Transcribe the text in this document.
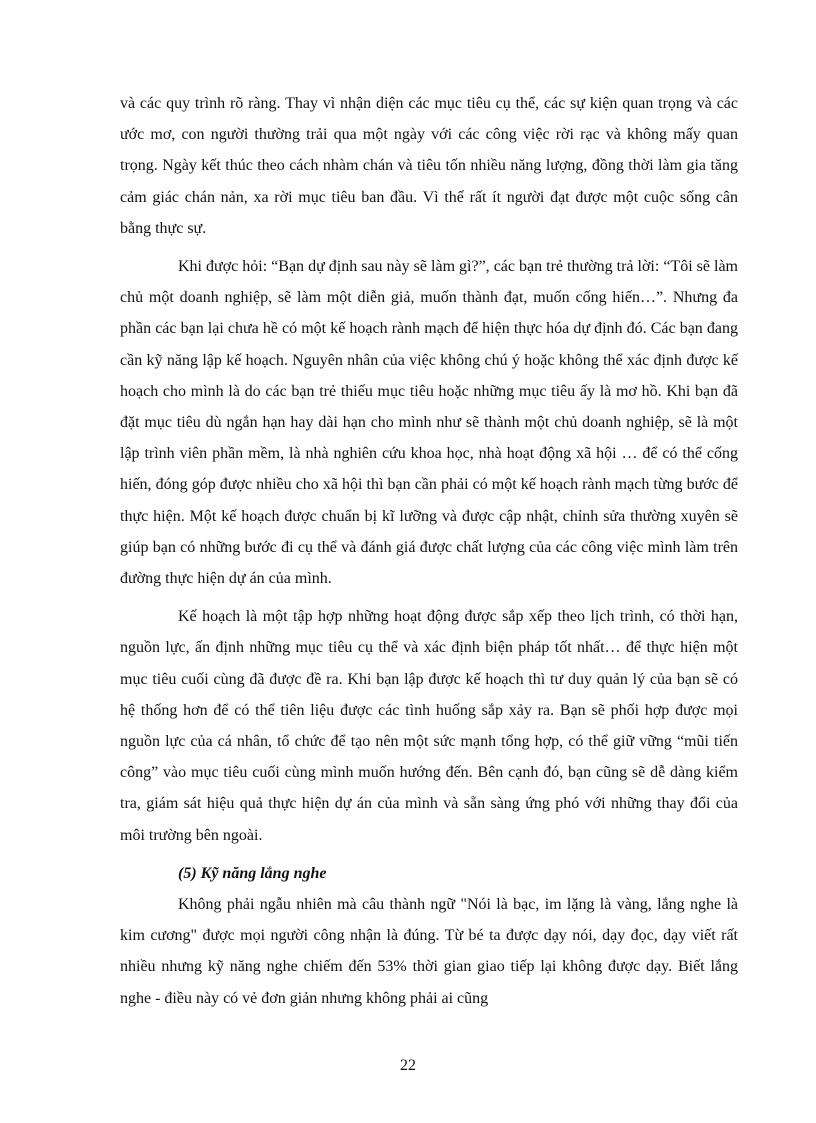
và các quy trình rõ ràng. Thay vì nhận diện các mục tiêu cụ thể, các sự kiện quan trọng và các ước mơ, con người thường trải qua một ngày với các công việc rời rạc và không mấy quan trọng. Ngày kết thúc theo cách nhàm chán và tiêu tốn nhiều năng lượng, đồng thời làm gia tăng cảm giác chán nản, xa rời mục tiêu ban đầu. Vì thế rất ít người đạt được một cuộc sống cân bằng thực sự.

Khi được hỏi: “Bạn dự định sau này sẽ làm gì?”, các bạn trẻ thường trả lời: “Tôi sẽ làm chủ một doanh nghiệp, sẽ làm một diễn giả, muốn thành đạt, muốn cống hiến…”. Nhưng đa phần các bạn lại chưa hề có một kế hoạch rành mạch để hiện thực hóa dự định đó. Các bạn đang cần kỹ năng lập kế hoạch. Nguyên nhân của việc không chú ý hoặc không thể xác định được kế hoạch cho mình là do các bạn trẻ thiếu mục tiêu hoặc những mục tiêu ấy là mơ hồ. Khi bạn đã đặt mục tiêu dù ngắn hạn hay dài hạn cho mình như sẽ thành một chủ doanh nghiệp, sẽ là một lập trình viên phần mềm, là nhà nghiên cứu khoa học, nhà hoạt động xã hội … để có thể cống hiến, đóng góp được nhiều cho xã hội thì bạn cần phải có một kế hoạch rành mạch từng bước để thực hiện. Một kế hoạch được chuẩn bị kĩ lưỡng và được cập nhật, chỉnh sửa thường xuyên sẽ giúp bạn có những bước đi cụ thể và đánh giá được chất lượng của các công việc mình làm trên đường thực hiện dự án của mình.

Kế hoạch là một tập hợp những hoạt động được sắp xếp theo lịch trình, có thời hạn, nguồn lực, ấn định những mục tiêu cụ thể và xác định biện pháp tốt nhất… để thực hiện một mục tiêu cuối cùng đã được đề ra. Khi bạn lập được kế hoạch thì tư duy quản lý của bạn sẽ có hệ thống hơn để có thể tiên liệu được các tình huống sắp xảy ra. Bạn sẽ phối hợp được mọi nguồn lực của cá nhân, tổ chức để tạo nên một sức mạnh tổng hợp, có thể giữ vững “mũi tiến công” vào mục tiêu cuối cùng mình muốn hướng đến. Bên cạnh đó, bạn cũng sẽ dễ dàng kiểm tra, giám sát hiệu quả thực hiện dự án của mình và sẵn sàng ứng phó với những thay đổi của môi trường bên ngoài.

(5) Kỹ năng lắng nghe

Không phải ngẫu nhiên mà câu thành ngữ "Nói là bạc, im lặng là vàng, lắng nghe là kim cương" được mọi người công nhận là đúng. Từ bé ta được dạy nói, dạy đọc, dạy viết rất nhiều nhưng kỹ năng nghe chiếm đến 53% thời gian giao tiếp lại không được dạy. Biết lắng nghe - điều này có vẻ đơn giản nhưng không phải ai cũng

22
